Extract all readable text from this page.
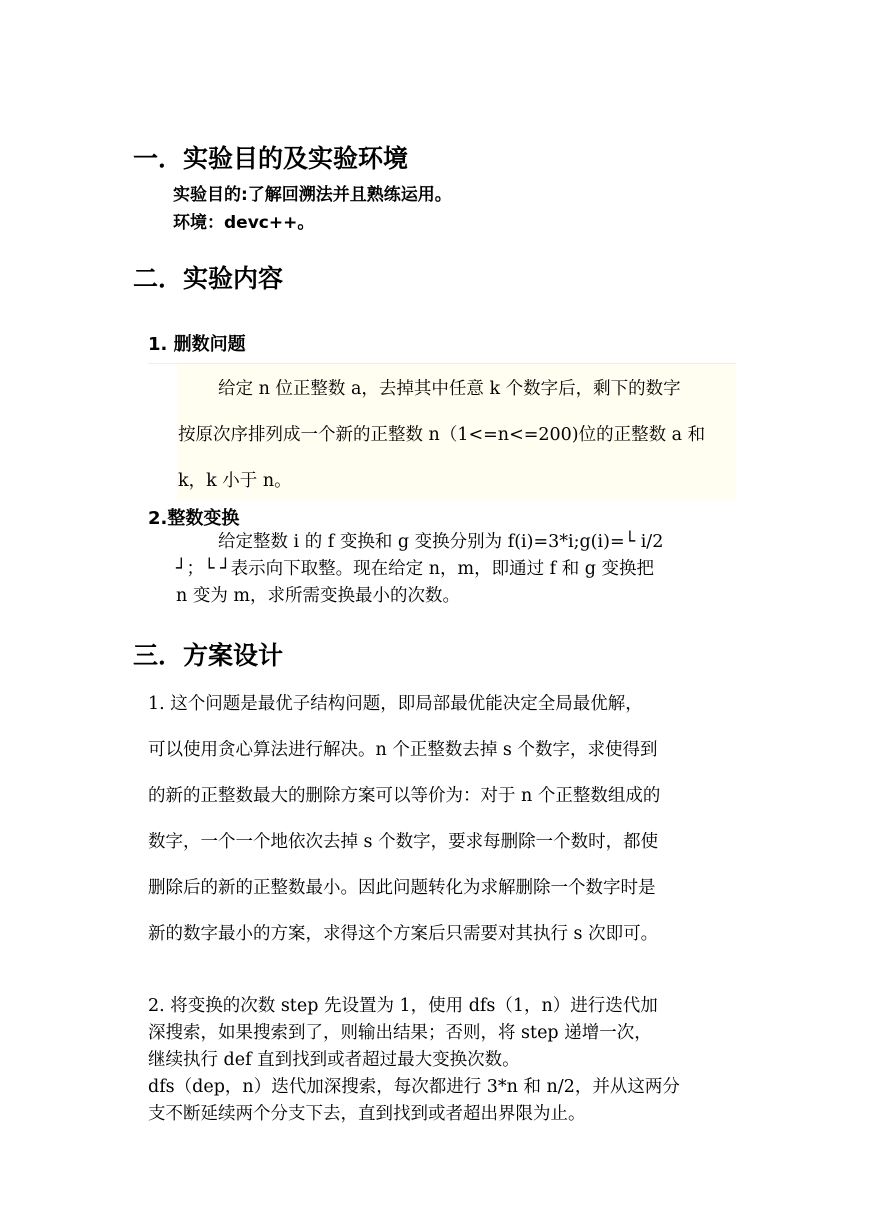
一．实验目的及实验环境
实验目的:了解回溯法并且熟练运用。
环境：devc++。
二．实验内容
1. 删数问题
给定 n 位正整数 a，去掉其中任意 k 个数字后，剩下的数字
按原次序排列成一个新的正整数 n（1<=n<=200)位的正整数 a 和
k，k 小于 n。
2.整数变换
给定整数 i 的 f 变换和 g 变换分别为 f(i)=3*i;g(i)=└ i/2
┘；└ ┘表示向下取整。现在给定 n，m，即通过 f 和 g 变换把
n 变为 m，求所需变换最小的次数。
三．方案设计
1. 这个问题是最优子结构问题，即局部最优能决定全局最优解，
可以使用贪心算法进行解决。n 个正整数去掉 s 个数字，求使得到
的新的正整数最大的删除方案可以等价为：对于 n 个正整数组成的
数字，一个一个地依次去掉 s 个数字，要求每删除一个数时，都使
删除后的新的正整数最小。因此问题转化为求解删除一个数字时是
新的数字最小的方案，求得这个方案后只需要对其执行 s 次即可。
2. 将变换的次数 step 先设置为 1，使用 dfs（1，n）进行迭代加
深搜索，如果搜索到了，则输出结果；否则，将 step 递增一次，
继续执行 def 直到找到或者超过最大变换次数。
dfs（dep，n）迭代加深搜索，每次都进行 3*n 和 n/2，并从这两分
支不断延续两个分支下去，直到找到或者超出界限为止。
